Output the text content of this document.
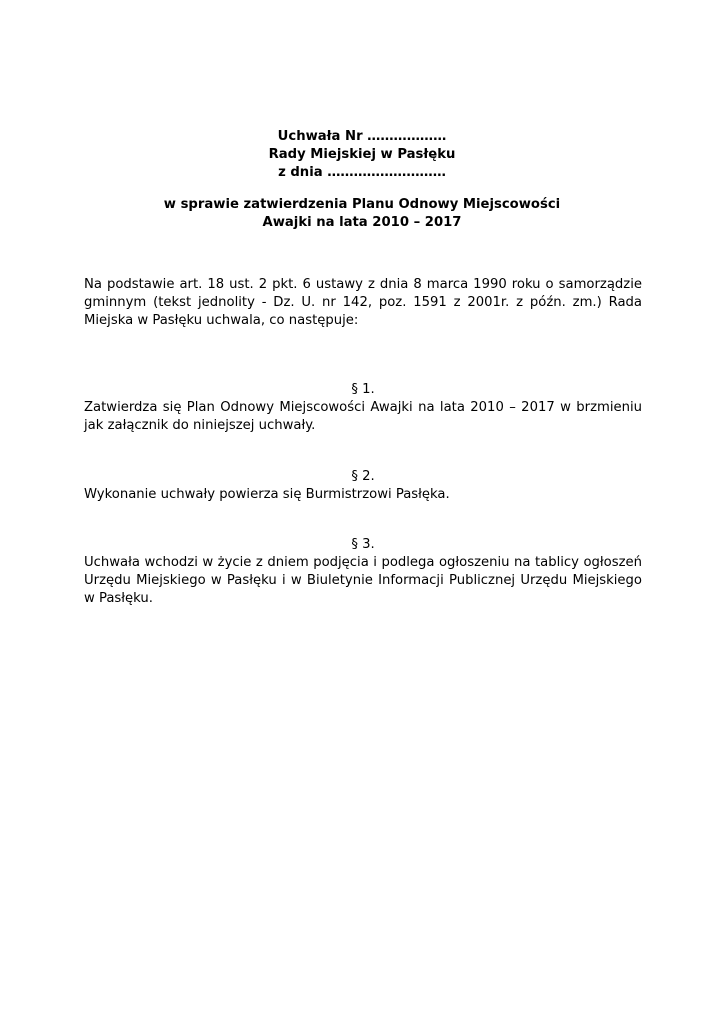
Uchwała Nr ………………
Rady Miejskiej w Pasłęku
z dnia ………………………
w sprawie zatwierdzenia Planu Odnowy Miejscowości
Awajki na lata 2010 – 2017
Na podstawie art. 18 ust. 2 pkt. 6 ustawy z dnia 8 marca 1990 roku o samorządzie gminnym (tekst jednolity - Dz. U. nr 142, poz. 1591 z 2001r. z późn. zm.) Rada Miejska w Pasłęku uchwala, co następuje:
§ 1.
Zatwierdza się Plan Odnowy Miejscowości Awajki na lata 2010 – 2017 w brzmieniu jak załącznik do niniejszej uchwały.
§ 2.
Wykonanie uchwały powierza się Burmistrzowi Pasłęka.
§ 3.
Uchwała wchodzi w życie z dniem podjęcia i podlega ogłoszeniu na tablicy ogłoszeń Urzędu Miejskiego w Pasłęku i w Biuletynie Informacji Publicznej Urzędu Miejskiego w Pasłęku.
